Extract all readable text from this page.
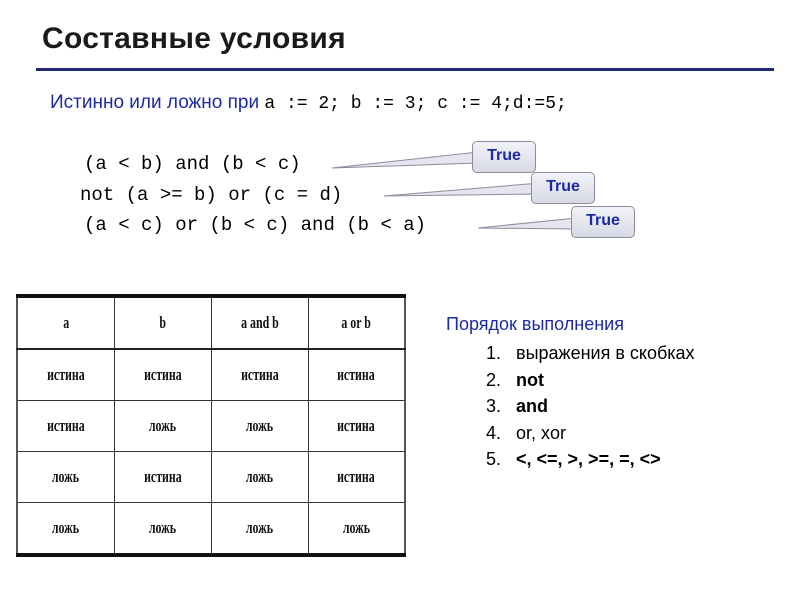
Составные условия
Истинно или ложно при a := 2; b := 3; c := 4;d:=5;
(a < b) and (b < c)
not (a >= b) or (c = d)
(a < c) or (b < c) and (b < a)
True
True
True
a	b	a and b	a or b
истина	истина	истина	истина
истина	ложь	ложь	истина
ложь	истина	ложь	истина
ложь	ложь	ложь	ложь
Порядок выполнения
1. выражения в скобках
2. not
3. and
4. or, xor
5. <, <=, >, >=, =, <>
